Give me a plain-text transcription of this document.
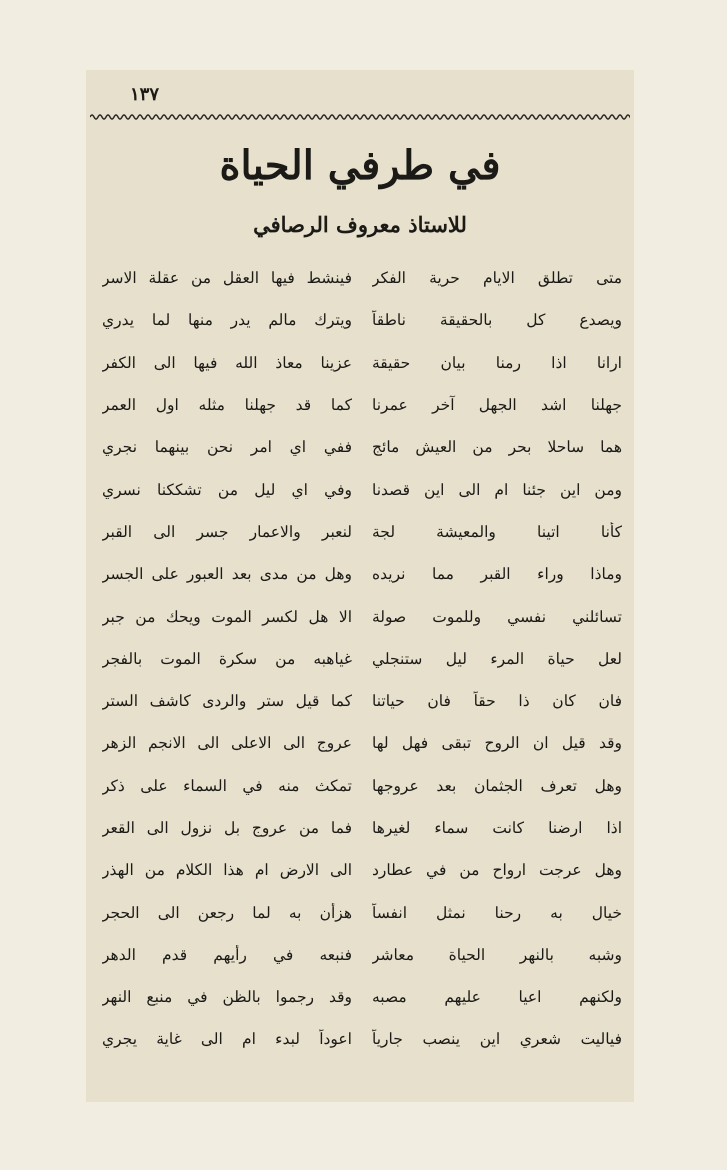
١٣٧
في طرفي الحياة
للاستاذ معروف الرصافي
متى تطلق الايام حرية الفكر
فينشط فيها العقل من عقلة الاسر
ويصدع كل بالحقيقة ناطقاً
ويترك مالم يدر منها لما يدري
ارانا اذا رمنا بيان حقيقة
عزينا معاذ الله فيها الى الكفر
جهلنا اشد الجهل آخر عمرنا
كما قد جهلنا مثله اول العمر
هما ساحلا بحر من العيش مائج
ففي اي امر نحن بينهما نجري
ومن اين جئنا ام الى اين قصدنا
وفي اي ليل من تشككنا نسري
كأنا اتينا والمعيشة لجة
لنعبر والاعمار جسر الى القبر
وماذا وراء القبر مما نريده
وهل من مدى بعد العبور على الجسر
تسائلني نفسي وللموت صولة
الا هل لكسر الموت ويحك من جبر
لعل حياة المرء ليل ستنجلي
غياهبه من سكرة الموت بالفجر
فان كان ذا حقاً فان حياتنا
كما قيل ستر والردى كاشف الستر
وقد قيل ان الروح تبقى فهل لها
عروج الى الاعلى الى الانجم الزهر
وهل تعرف الجثمان بعد عروجها
تمكث منه في السماء على ذكر
اذا ارضنا كانت سماء لغيرها
فما من عروج بل نزول الى القعر
وهل عرجت ارواح من في عطارد
الى الارض ام هذا الكلام من الهذر
خيال به رحنا نمثل انفساً
هزأن به لما رجعن الى الحجر
وشبه بالنهر الحياة معاشر
فنبعه في رأيهم قدم الدهر
ولكنهم اعيا عليهم مصبه
وقد رجموا بالظن في منبع النهر
فياليت شعري اين ينصب جارياً
اعوداً لبدء ام الى غاية يجري
